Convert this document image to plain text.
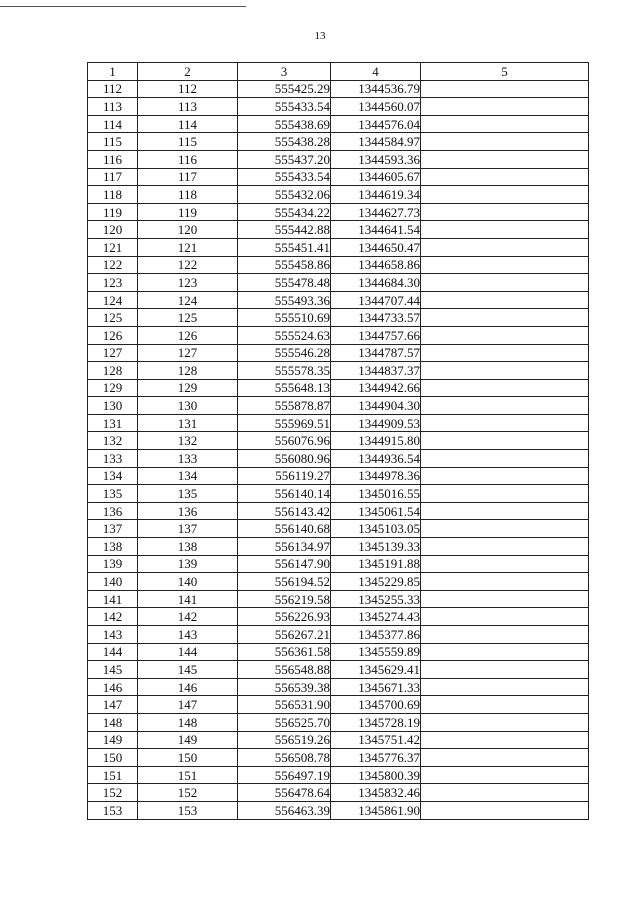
13
1	2	3	4	5
112	112	555425.29	1344536.79	
113	113	555433.54	1344560.07	
114	114	555438.69	1344576.04	
115	115	555438.28	1344584.97	
116	116	555437.20	1344593.36	
117	117	555433.54	1344605.67	
118	118	555432.06	1344619.34	
119	119	555434.22	1344627.73	
120	120	555442.88	1344641.54	
121	121	555451.41	1344650.47	
122	122	555458.86	1344658.86	
123	123	555478.48	1344684.30	
124	124	555493.36	1344707.44	
125	125	555510.69	1344733.57	
126	126	555524.63	1344757.66	
127	127	555546.28	1344787.57	
128	128	555578.35	1344837.37	
129	129	555648.13	1344942.66	
130	130	555878.87	1344904.30	
131	131	555969.51	1344909.53	
132	132	556076.96	1344915.80	
133	133	556080.96	1344936.54	
134	134	556119.27	1344978.36	
135	135	556140.14	1345016.55	
136	136	556143.42	1345061.54	
137	137	556140.68	1345103.05	
138	138	556134.97	1345139.33	
139	139	556147.90	1345191.88	
140	140	556194.52	1345229.85	
141	141	556219.58	1345255.33	
142	142	556226.93	1345274.43	
143	143	556267.21	1345377.86	
144	144	556361.58	1345559.89	
145	145	556548.88	1345629.41	
146	146	556539.38	1345671.33	
147	147	556531.90	1345700.69	
148	148	556525.70	1345728.19	
149	149	556519.26	1345751.42	
150	150	556508.78	1345776.37	
151	151	556497.19	1345800.39	
152	152	556478.64	1345832.46	
153	153	556463.39	1345861.90	
